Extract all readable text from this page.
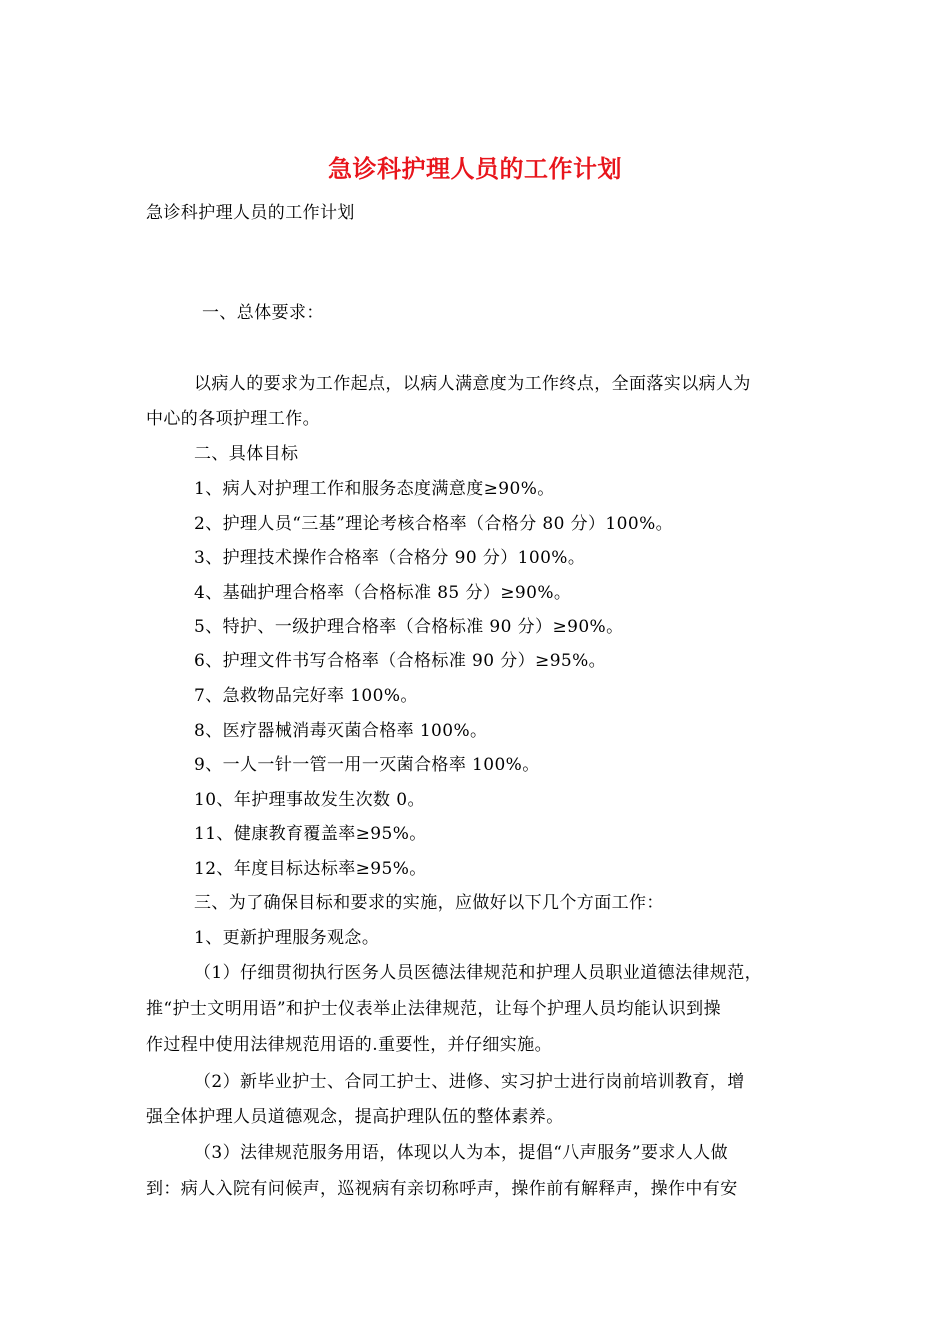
急诊科护理人员的工作计划
急诊科护理人员的工作计划
一、总体要求：
以病人的要求为工作起点，以病人满意度为工作终点，全面落实以病人为
中心的各项护理工作。
二、具体目标
1、病人对护理工作和服务态度满意度≥90%。
2、护理人员“三基”理论考核合格率（合格分 80 分）100%。
3、护理技术操作合格率（合格分 90 分）100%。
4、基础护理合格率（合格标准 85 分）≥90%。
5、特护、一级护理合格率（合格标准 90 分）≥90%。
6、护理文件书写合格率（合格标准 90 分）≥95%。
7、急救物品完好率 100%。
8、医疗器械消毒灭菌合格率 100%。
9、一人一针一管一用一灭菌合格率 100%。
10、年护理事故发生次数 0。
11、健康教育覆盖率≥95%。
12、年度目标达标率≥95%。
三、为了确保目标和要求的实施，应做好以下几个方面工作：
1、更新护理服务观念。
（1）仔细贯彻执行医务人员医德法律规范和护理人员职业道德法律规范，
推“护士文明用语”和护士仪表举止法律规范，让每个护理人员均能认识到操
作过程中使用法律规范用语的.重要性，并仔细实施。
（2）新毕业护士、合同工护士、进修、实习护士进行岗前培训教育，增
强全体护理人员道德观念，提高护理队伍的整体素养。
（3）法律规范服务用语，体现以人为本，提倡“八声服务”要求人人做
到：病人入院有问候声，巡视病有亲切称呼声，操作前有解释声，操作中有安
